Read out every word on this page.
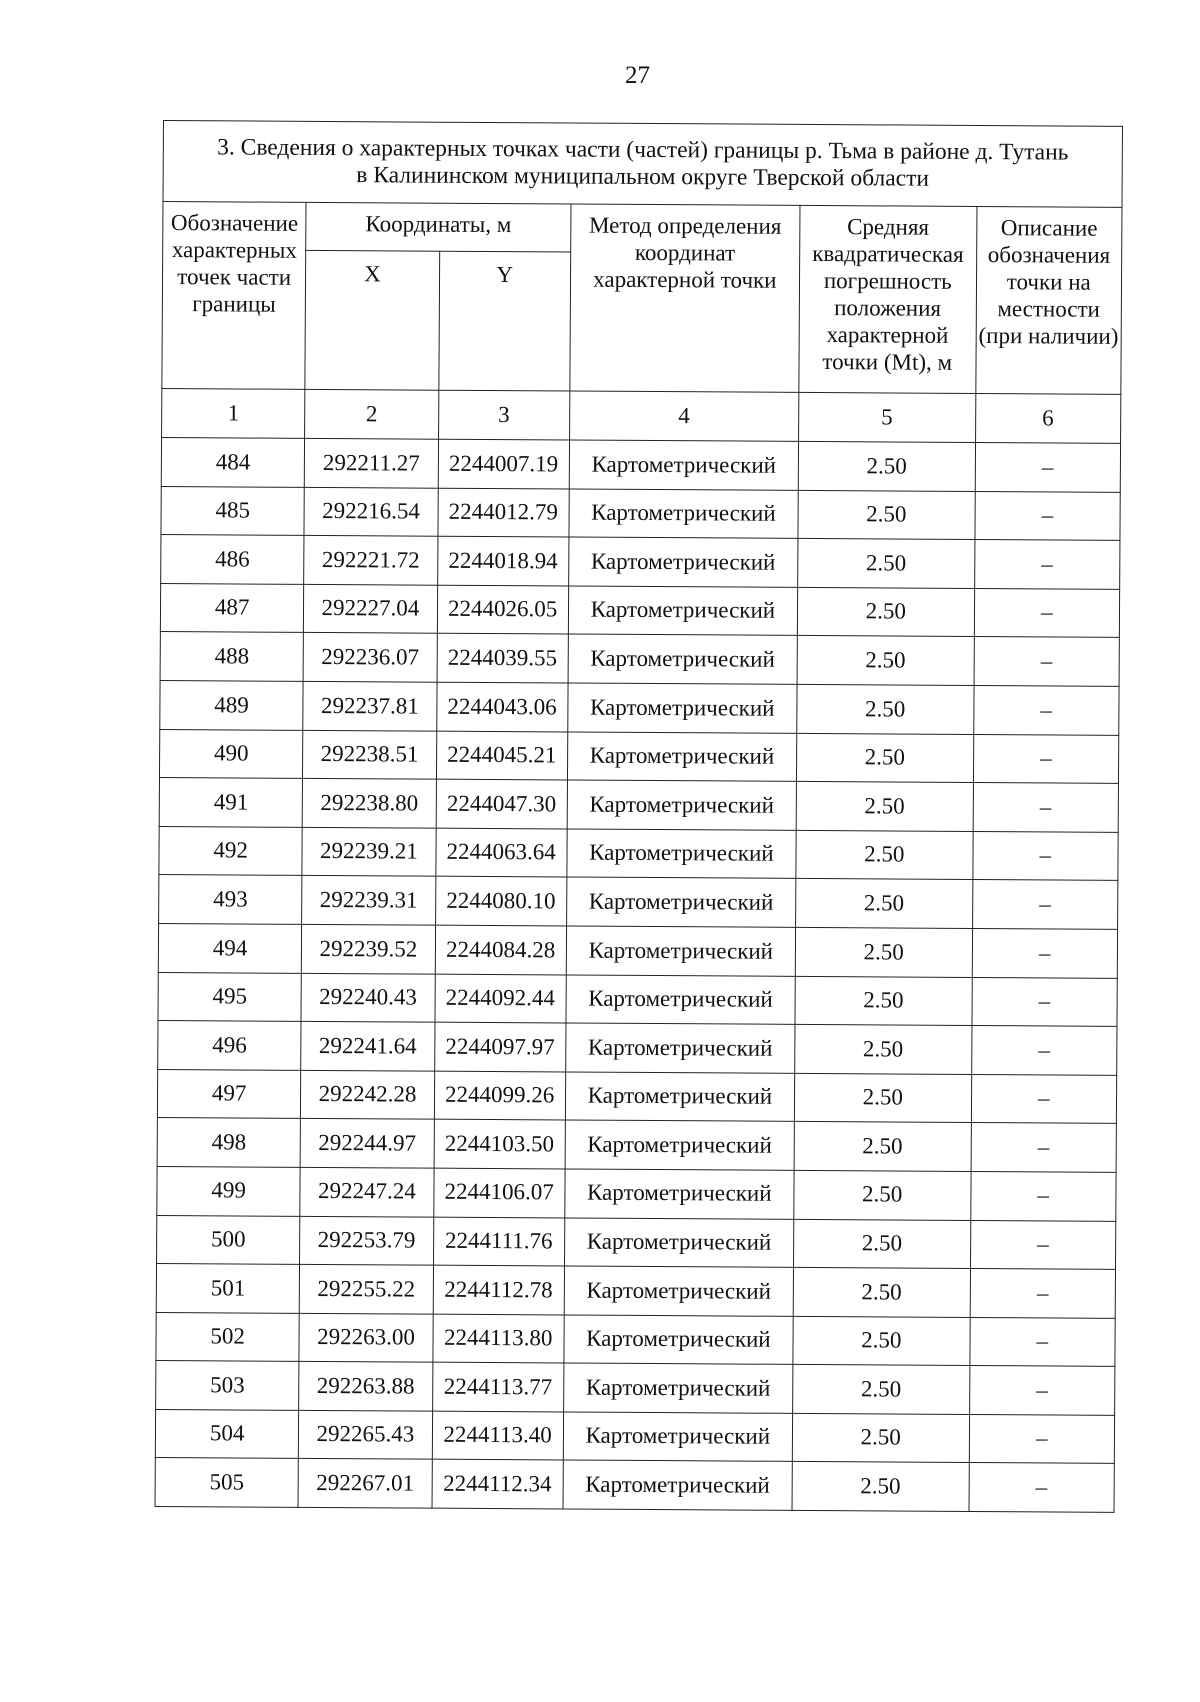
27
3. Сведения о характерных точках части (частей) границы р. Тьма в районе д. Тутань
в Калининском муниципальном округе Тверской области					
Обозначение характерных точек части границы	Координаты, м		Метод определения координат характерной точки	Средняя квадратическая погрешность положения характерной точки (Mt), м	Описание обозначения точки на местности (при наличии)
	X	Y			
1	2	3	4	5	6
484	292211.27	2244007.19	Картометрический	2.50	–
485	292216.54	2244012.79	Картометрический	2.50	–
486	292221.72	2244018.94	Картометрический	2.50	–
487	292227.04	2244026.05	Картометрический	2.50	–
488	292236.07	2244039.55	Картометрический	2.50	–
489	292237.81	2244043.06	Картометрический	2.50	–
490	292238.51	2244045.21	Картометрический	2.50	–
491	292238.80	2244047.30	Картометрический	2.50	–
492	292239.21	2244063.64	Картометрический	2.50	–
493	292239.31	2244080.10	Картометрический	2.50	–
494	292239.52	2244084.28	Картометрический	2.50	–
495	292240.43	2244092.44	Картометрический	2.50	–
496	292241.64	2244097.97	Картометрический	2.50	–
497	292242.28	2244099.26	Картометрический	2.50	–
498	292244.97	2244103.50	Картометрический	2.50	–
499	292247.24	2244106.07	Картометрический	2.50	–
500	292253.79	2244111.76	Картометрический	2.50	–
501	292255.22	2244112.78	Картометрический	2.50	–
502	292263.00	2244113.80	Картометрический	2.50	–
503	292263.88	2244113.77	Картометрический	2.50	–
504	292265.43	2244113.40	Картометрический	2.50	–
505	292267.01	2244112.34	Картометрический	2.50	–
